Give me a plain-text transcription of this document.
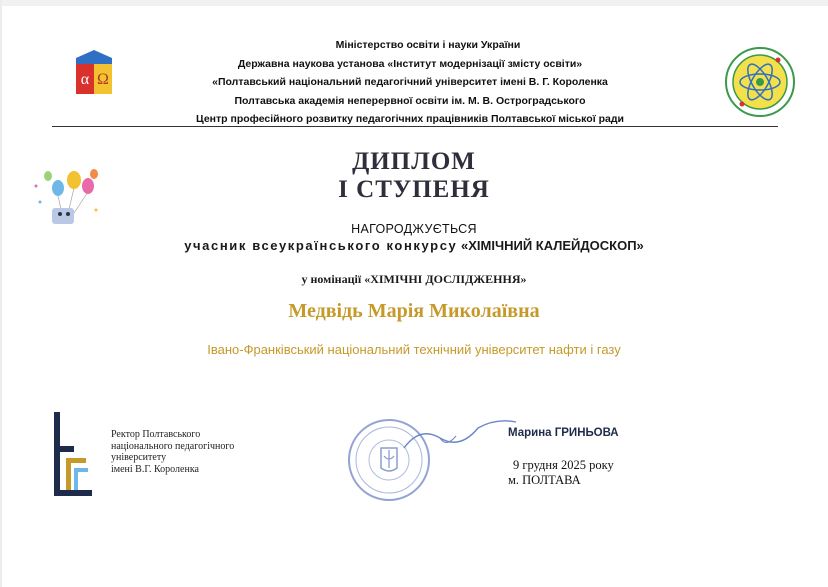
α Ω
Міністерство освіти і науки України
Державна наукова установа «Інститут модернізації змісту освіти»
«Полтавський національний педагогічний університет імені В. Г. Короленка
Полтавська академія неперервної освіти ім. М. В. Остроградського
Центр професійного розвитку педагогічних працівників Полтавської міської ради
ДИПЛОМ
І СТУПЕНЯ
НАГОРОДЖУЄТЬСЯ
учасник всеукраїнського конкурсу «ХІМІЧНИЙ КАЛЕЙДОСКОП»
у номінації «ХІМІЧНІ ДОСЛІДЖЕННЯ»
Медвідь Марія Миколаївна
Івано-Франківський національний технічний університет нафти і газу
Ректор Полтавського
національного педагогічного
університету
імені В.Г. Короленка
Марина ГРИНЬОВА
9 грудня 2025 року
м. ПОЛТАВА
